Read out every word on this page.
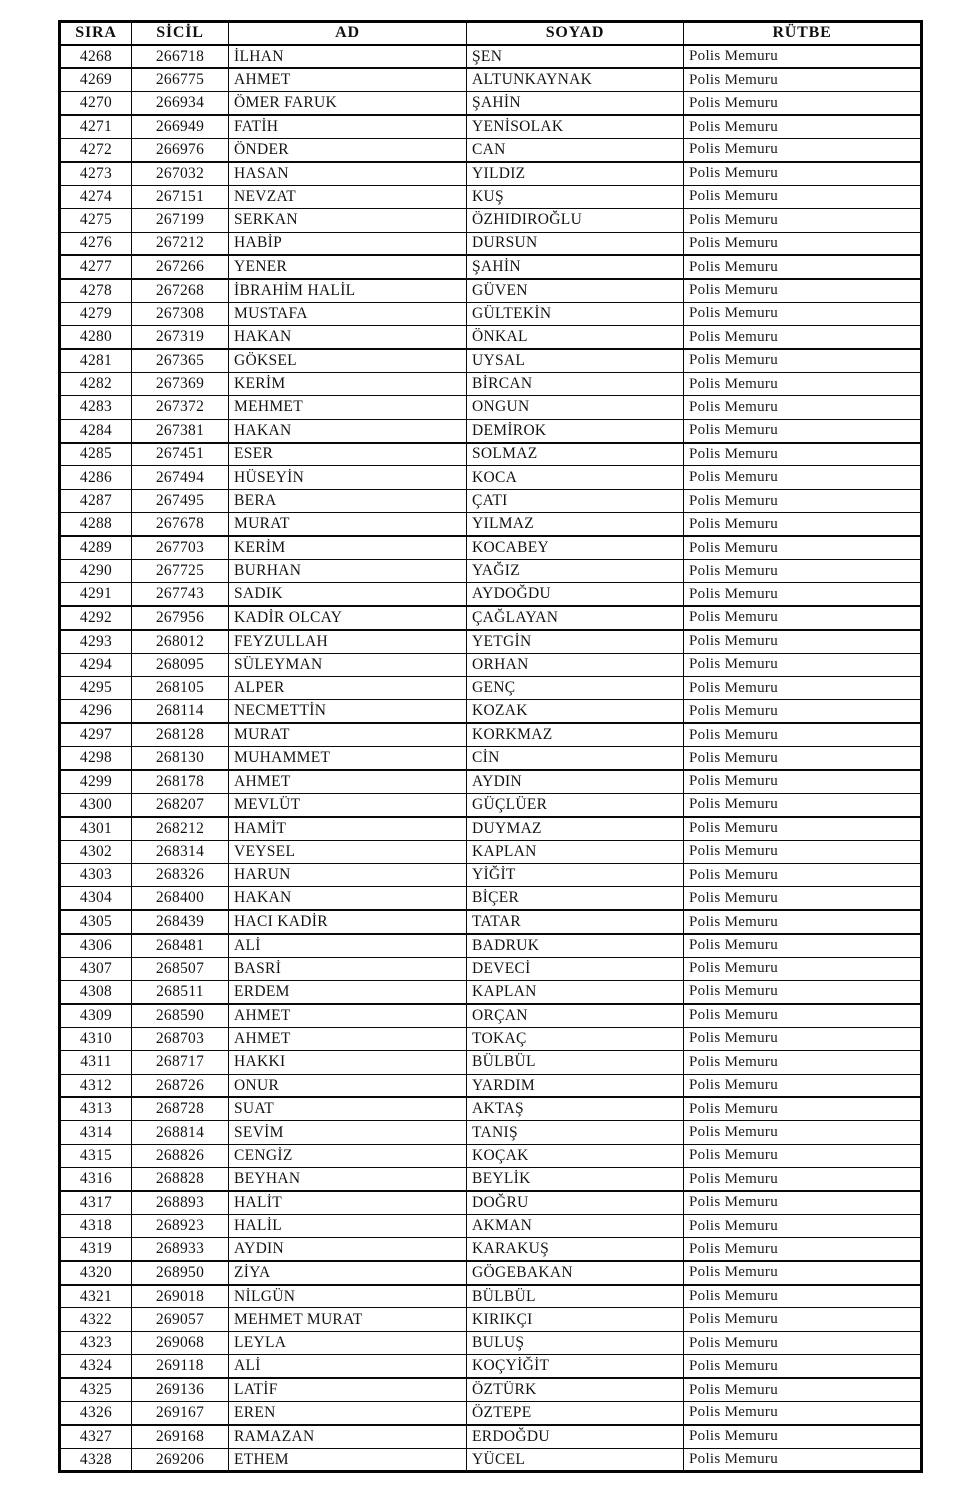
SIRA	SİCİL	AD	SOYAD	RÜTBE
4268	266718	İLHAN	ŞEN	Polis Memuru
4269	266775	AHMET	ALTUNKAYNAK	Polis Memuru
4270	266934	ÖMER FARUK	ŞAHİN	Polis Memuru
4271	266949	FATİH	YENİSOLAK	Polis Memuru
4272	266976	ÖNDER	CAN	Polis Memuru
4273	267032	HASAN	YILDIZ	Polis Memuru
4274	267151	NEVZAT	KUŞ	Polis Memuru
4275	267199	SERKAN	ÖZHIDIROĞLU	Polis Memuru
4276	267212	HABİP	DURSUN	Polis Memuru
4277	267266	YENER	ŞAHİN	Polis Memuru
4278	267268	İBRAHİM HALİL	GÜVEN	Polis Memuru
4279	267308	MUSTAFA	GÜLTEKİN	Polis Memuru
4280	267319	HAKAN	ÖNKAL	Polis Memuru
4281	267365	GÖKSEL	UYSAL	Polis Memuru
4282	267369	KERİM	BİRCAN	Polis Memuru
4283	267372	MEHMET	ONGUN	Polis Memuru
4284	267381	HAKAN	DEMİROK	Polis Memuru
4285	267451	ESER	SOLMAZ	Polis Memuru
4286	267494	HÜSEYİN	KOCA	Polis Memuru
4287	267495	BERA	ÇATI	Polis Memuru
4288	267678	MURAT	YILMAZ	Polis Memuru
4289	267703	KERİM	KOCABEY	Polis Memuru
4290	267725	BURHAN	YAĞIZ	Polis Memuru
4291	267743	SADIK	AYDOĞDU	Polis Memuru
4292	267956	KADİR OLCAY	ÇAĞLAYAN	Polis Memuru
4293	268012	FEYZULLAH	YETGİN	Polis Memuru
4294	268095	SÜLEYMAN	ORHAN	Polis Memuru
4295	268105	ALPER	GENÇ	Polis Memuru
4296	268114	NECMETTİN	KOZAK	Polis Memuru
4297	268128	MURAT	KORKMAZ	Polis Memuru
4298	268130	MUHAMMET	CİN	Polis Memuru
4299	268178	AHMET	AYDIN	Polis Memuru
4300	268207	MEVLÜT	GÜÇLÜER	Polis Memuru
4301	268212	HAMİT	DUYMAZ	Polis Memuru
4302	268314	VEYSEL	KAPLAN	Polis Memuru
4303	268326	HARUN	YİĞİT	Polis Memuru
4304	268400	HAKAN	BİÇER	Polis Memuru
4305	268439	HACI KADİR	TATAR	Polis Memuru
4306	268481	ALİ	BADRUK	Polis Memuru
4307	268507	BASRİ	DEVECİ	Polis Memuru
4308	268511	ERDEM	KAPLAN	Polis Memuru
4309	268590	AHMET	ORÇAN	Polis Memuru
4310	268703	AHMET	TOKAÇ	Polis Memuru
4311	268717	HAKKI	BÜLBÜL	Polis Memuru
4312	268726	ONUR	YARDIM	Polis Memuru
4313	268728	SUAT	AKTAŞ	Polis Memuru
4314	268814	SEVİM	TANIŞ	Polis Memuru
4315	268826	CENGİZ	KOÇAK	Polis Memuru
4316	268828	BEYHAN	BEYLİK	Polis Memuru
4317	268893	HALİT	DOĞRU	Polis Memuru
4318	268923	HALİL	AKMAN	Polis Memuru
4319	268933	AYDIN	KARAKUŞ	Polis Memuru
4320	268950	ZİYA	GÖGEBAKAN	Polis Memuru
4321	269018	NİLGÜN	BÜLBÜL	Polis Memuru
4322	269057	MEHMET MURAT	KIRIKÇI	Polis Memuru
4323	269068	LEYLA	BULUŞ	Polis Memuru
4324	269118	ALİ	KOÇYİĞİT	Polis Memuru
4325	269136	LATİF	ÖZTÜRK	Polis Memuru
4326	269167	EREN	ÖZTEPE	Polis Memuru
4327	269168	RAMAZAN	ERDOĞDU	Polis Memuru
4328	269206	ETHEM	YÜCEL	Polis Memuru
